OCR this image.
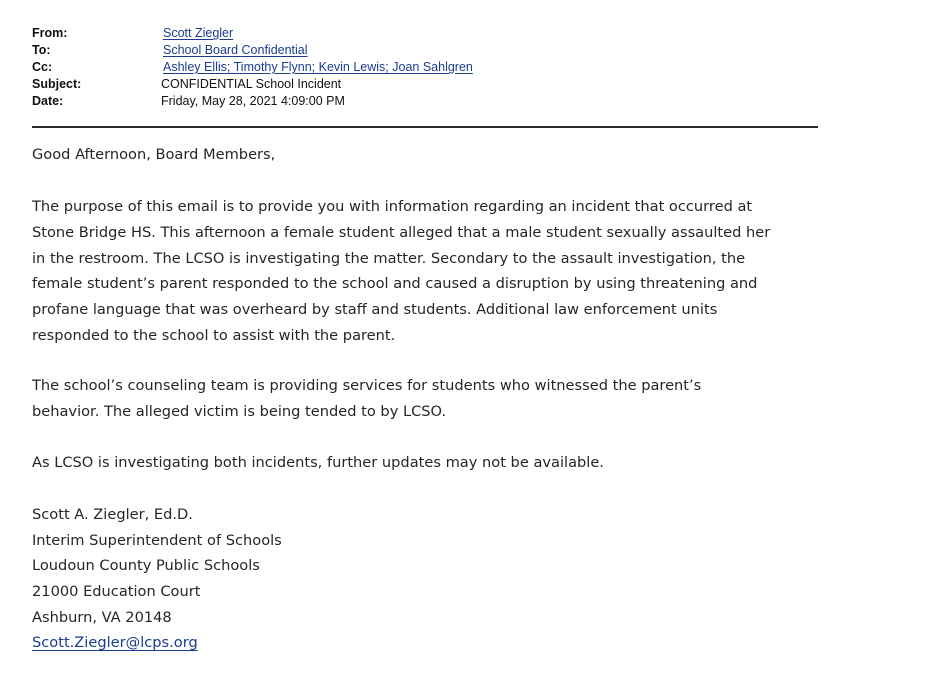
From:	Scott Ziegler
To:	School Board Confidential
Cc:	Ashley Ellis; Timothy Flynn; Kevin Lewis; Joan Sahlgren
Subject:	CONFIDENTIAL School Incident
Date:	Friday, May 28, 2021 4:09:00 PM

Good Afternoon, Board Members,

The purpose of this email is to provide you with information regarding an incident that occurred at
Stone Bridge HS. This afternoon a female student alleged that a male student sexually assaulted her
in the restroom. The LCSO is investigating the matter. Secondary to the assault investigation, the
female student’s parent responded to the school and caused a disruption by using threatening and
profane language that was overheard by staff and students. Additional law enforcement units
responded to the school to assist with the parent.
The school’s counseling team is providing services for students who witnessed the parent’s
behavior. The alleged victim is being tended to by LCSO.
As LCSO is investigating both incidents, further updates may not be available.
Scott A. Ziegler, Ed.D.
Interim Superintendent of Schools
Loudoun County Public Schools
21000 Education Court
Ashburn, VA 20148
Scott.Ziegler@lcps.org
